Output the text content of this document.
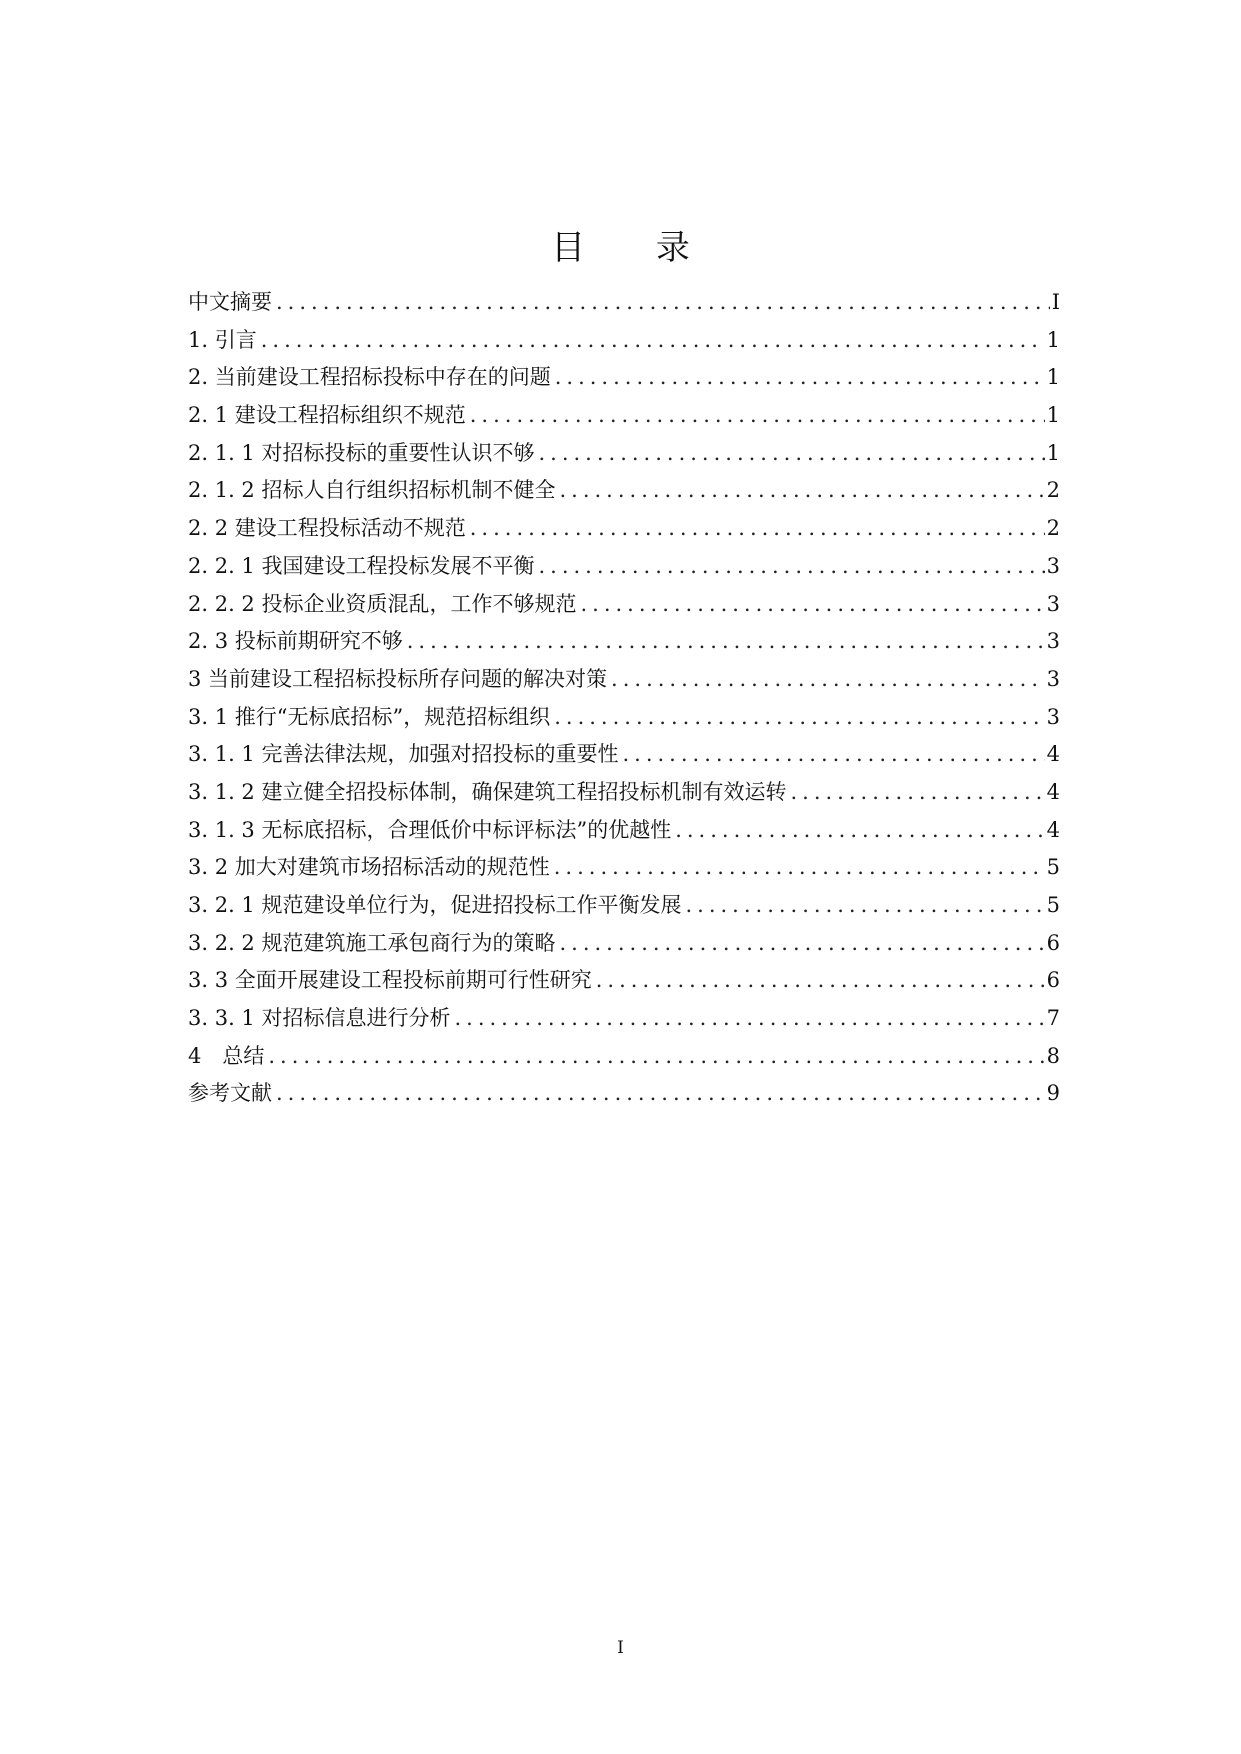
目 录
中文摘要 .....	I
1. 引言 .....	1
2. 当前建设工程招标投标中存在的问题 .....	1
2. 1 建设工程招标组织不规范 .....	1
2. 1. 1 对招标投标的重要性认识不够 .....	1
2. 1. 2 招标人自行组织招标机制不健全 .....	2
2. 2 建设工程投标活动不规范 .....	2
2. 2. 1 我国建设工程投标发展不平衡 .....	3
2. 2. 2 投标企业资质混乱，工作不够规范 .....	3
2. 3 投标前期研究不够 .....	3
3 当前建设工程招标投标所存问题的解决对策 .....	3
3. 1 推行“无标底招标”，规范招标组织 .....	3
3. 1. 1 完善法律法规，加强对招投标的重要性 .....	4
3. 1. 2 建立健全招投标体制，确保建筑工程招投标机制有效运转 .....	4
3. 1. 3 无标底招标，合理低价中标评标法”的优越性 .....	4
3. 2 加大对建筑市场招标活动的规范性 .....	5
3. 2. 1 规范建设单位行为，促进招投标工作平衡发展 .....	5
3. 2. 2 规范建筑施工承包商行为的策略 .....	6
3. 3 全面开展建设工程投标前期可行性研究 .....	6
3. 3. 1 对招标信息进行分析 .....	7
4　总结 .....	8
参考文献 .....	9
I
